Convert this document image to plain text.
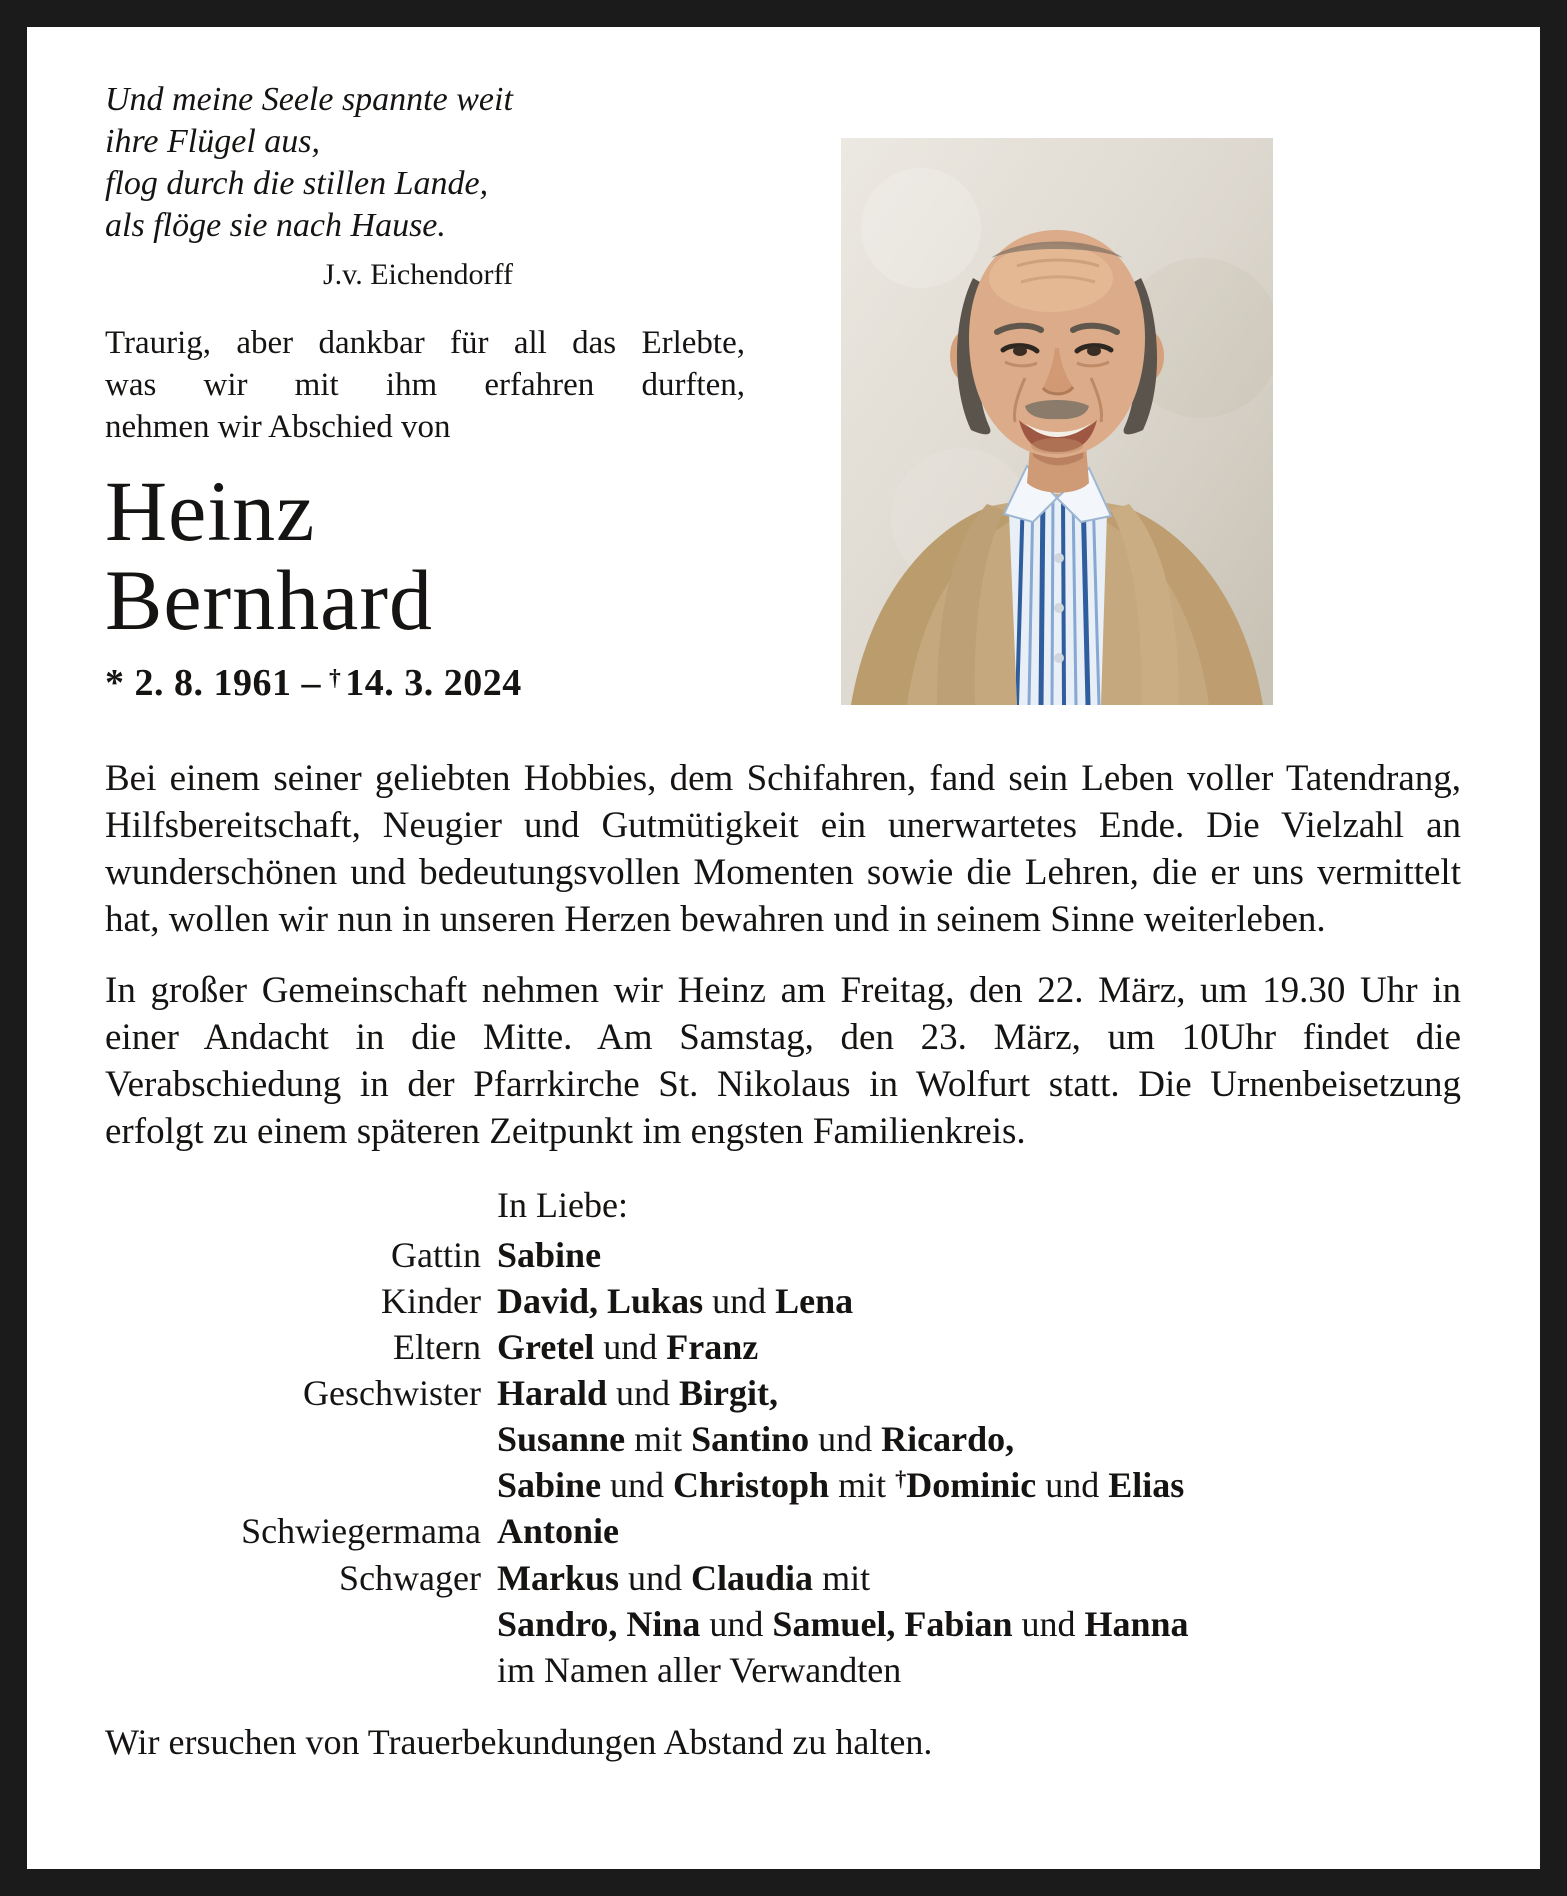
Und meine Seele spannte weit
ihre Flügel aus,
flog durch die stillen Lande,
als flöge sie nach Hause.
J.v. Eichendorff
Traurig, aber dankbar für all das Erlebte,
was wir mit ihm erfahren durften,
nehmen wir Abschied von
Heinz
Bernhard
* 2. 8. 1961 – † 14. 3. 2024

Bei einem seiner geliebten Hobbies, dem Schifahren, fand sein Leben voller Tatendrang, Hilfsbereitschaft, Neugier und Gutmütigkeit ein unerwartetes Ende. Die Vielzahl an wunderschönen und bedeutungsvollen Momenten sowie die Lehren, die er uns vermittelt hat, wollen wir nun in unseren Herzen bewahren und in seinem Sinne weiterleben.

In großer Gemeinschaft nehmen wir Heinz am Freitag, den 22. März, um 19.30 Uhr in einer Andacht in die Mitte. Am Samstag, den 23. März, um 10Uhr findet die Verabschiedung in der Pfarrkirche St. Nikolaus in Wolfurt statt. Die Urnenbeisetzung erfolgt zu einem späteren Zeitpunkt im engsten Familienkreis.

In Liebe:
Gattin Sabine
Kinder David, Lukas und Lena
Eltern Gretel und Franz
Geschwister Harald und Birgit,
Susanne mit Santino und Ricardo,
Sabine und Christoph mit †Dominic und Elias
Schwiegermama Antonie
Schwager Markus und Claudia mit
Sandro, Nina und Samuel, Fabian und Hanna
im Namen aller Verwandten

Wir ersuchen von Trauerbekundungen Abstand zu halten.
